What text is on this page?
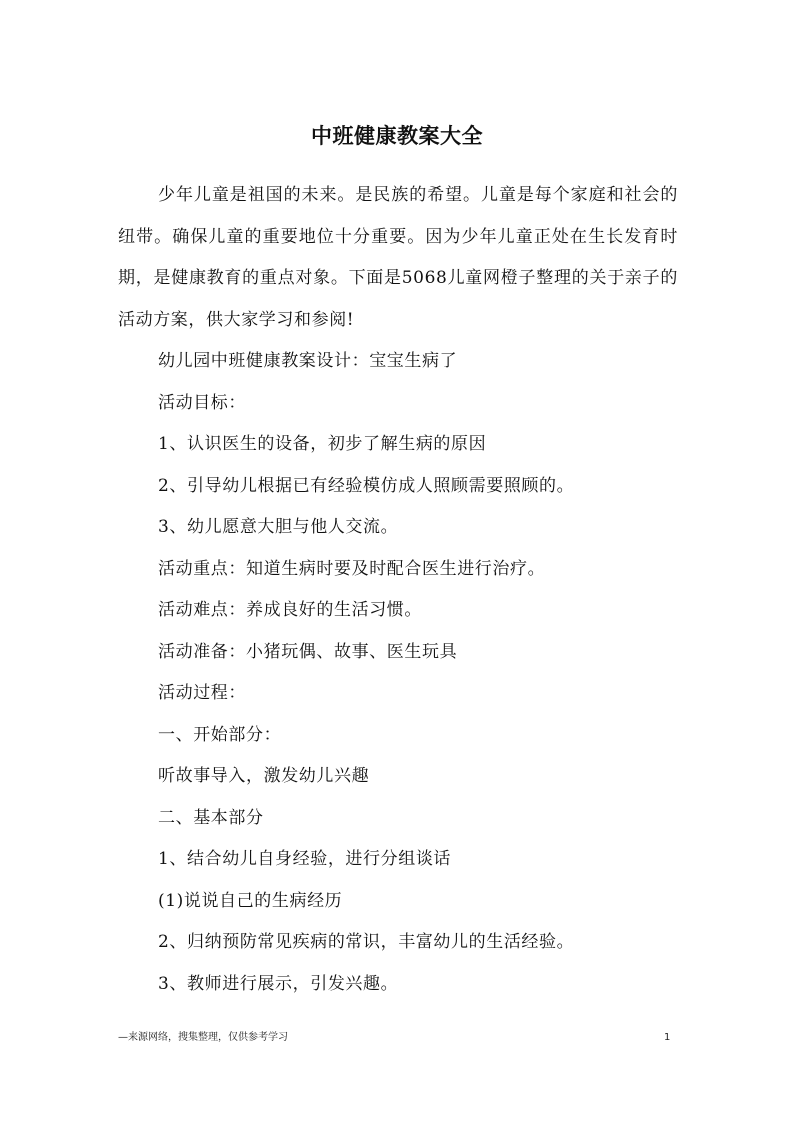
中班健康教案大全

少年儿童是祖国的未来。是民族的希望。儿童是每个家庭和社会的纽带。确保儿童的重要地位十分重要。因为少年儿童正处在生长发育时期，是健康教育的重点对象。下面是5068儿童网橙子整理的关于亲子的活动方案，供大家学习和参阅!

幼儿园中班健康教案设计：宝宝生病了
活动目标：
1、认识医生的设备，初步了解生病的原因
2、引导幼儿根据已有经验模仿成人照顾需要照顾的。
3、幼儿愿意大胆与他人交流。
活动重点：知道生病时要及时配合医生进行治疗。
活动难点：养成良好的生活习惯。
活动准备：小猪玩偶、故事、医生玩具
活动过程：
一、开始部分：
听故事导入，激发幼儿兴趣
二、基本部分
1、结合幼儿自身经验，进行分组谈话
(1)说说自己的生病经历
2、归纳预防常见疾病的常识，丰富幼儿的生活经验。
3、教师进行展示，引发兴趣。
—来源网络，搜集整理，仅供参考学习	1
